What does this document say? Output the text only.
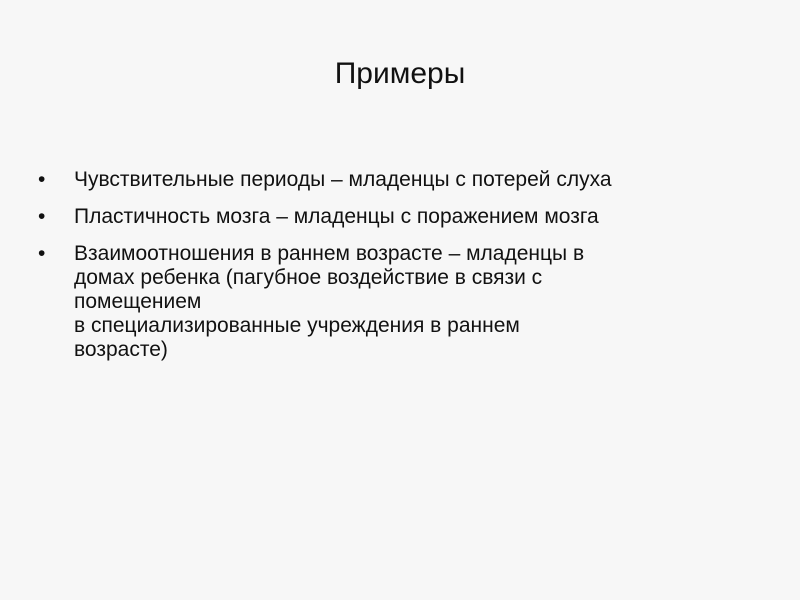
Примеры
•	Чувствительные периоды – младенцы с потерей слуха
•	Пластичность мозга – младенцы с поражением мозга
•	Взаимоотношения в раннем возрасте – младенцы в
домах ребенка (пагубное воздействие в связи с
помещением
в специализированные учреждения в раннем
возрасте)
